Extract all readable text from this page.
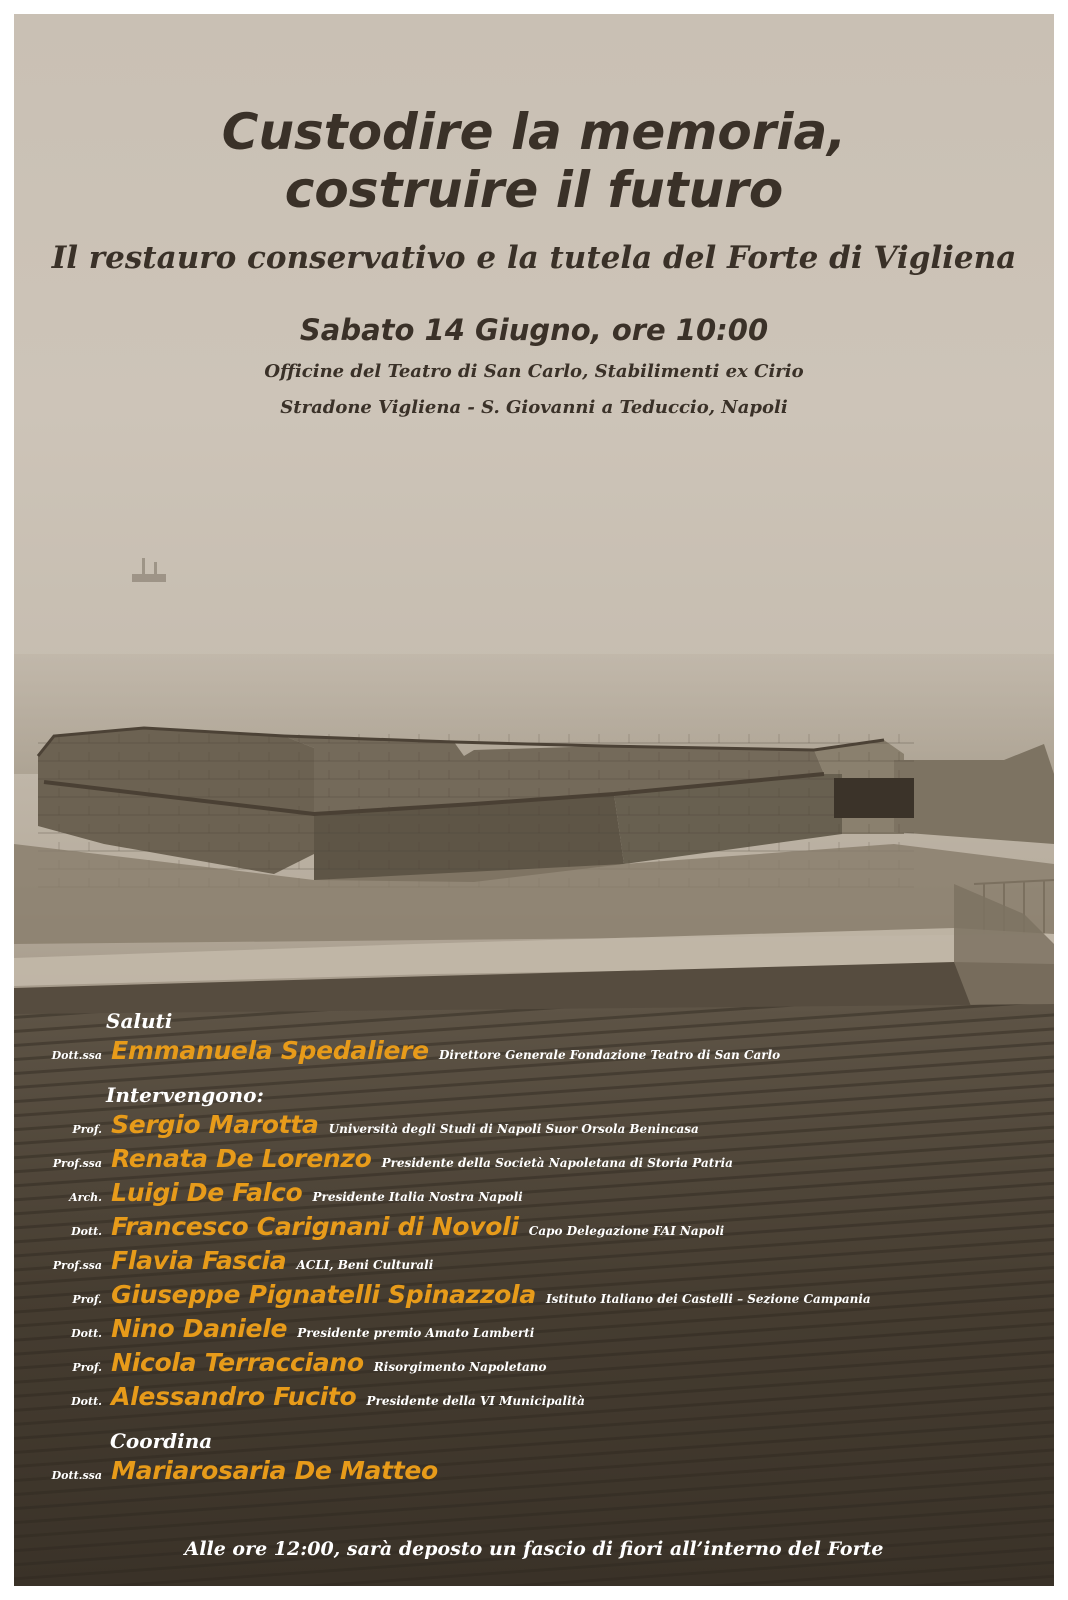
Custodire la memoria,
costruire il futuro
Il restauro conservativo e la tutela del Forte di Vigliena
Sabato 14 Giugno, ore 10:00
Officine del Teatro di San Carlo, Stabilimenti ex Cirio
Stradone Vigliena - S. Giovanni a Teduccio, Napoli
Saluti
Dott.ssa Emmanuela Spedaliere Direttore Generale Fondazione Teatro di San Carlo
Intervengono:
Prof. Sergio Marotta Università degli Studi di Napoli Suor Orsola Benincasa
Prof.ssa Renata De Lorenzo Presidente della Società Napoletana di Storia Patria
Arch. Luigi De Falco Presidente Italia Nostra Napoli
Dott. Francesco Carignani di Novoli Capo Delegazione FAI Napoli
Prof.ssa Flavia Fascia ACLI, Beni Culturali
Prof. Giuseppe Pignatelli Spinazzola Istituto Italiano dei Castelli – Sezione Campania
Dott. Nino Daniele Presidente premio Amato Lamberti
Prof. Nicola Terracciano Risorgimento Napoletano
Dott. Alessandro Fucito Presidente della VI Municipalità
Coordina
Dott.ssa Mariarosaria De Matteo
Alle ore 12:00, sarà deposto un fascio di fiori all’interno del Forte
